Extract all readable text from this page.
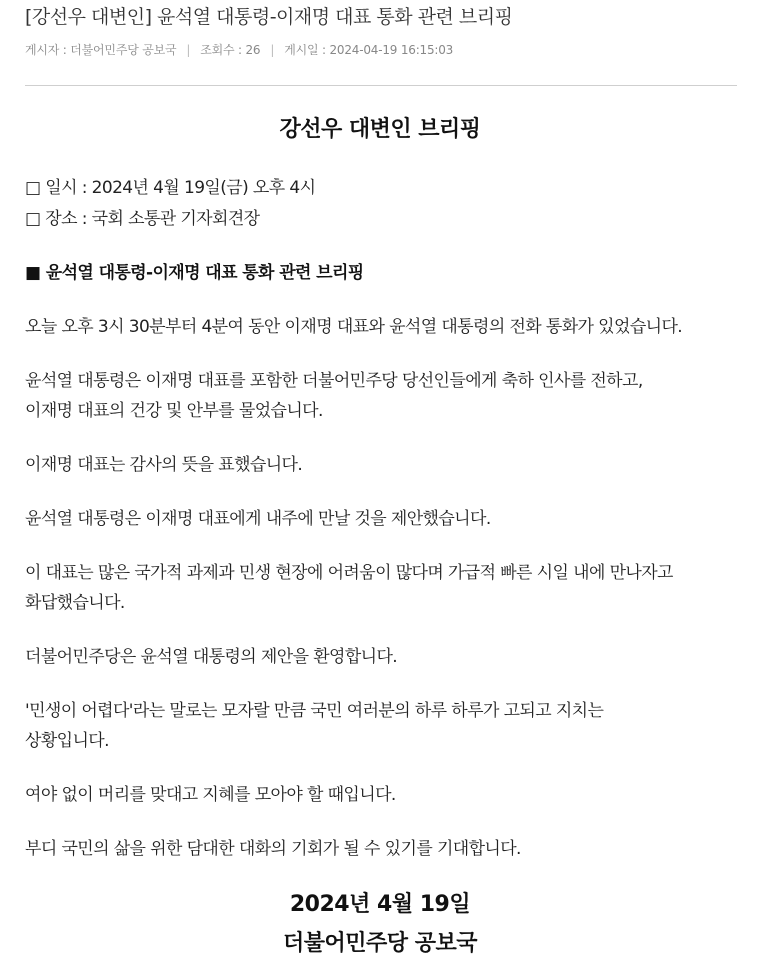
[강선우 대변인] 윤석열 대통령-이재명 대표 통화 관련 브리핑
게시자 : 더불어민주당 공보국 | 조회수 : 26 | 게시일 : 2024-04-19 16:15:03
강선우 대변인 브리핑
□ 일시 : 2024년 4월 19일(금) 오후 4시
□ 장소 : 국회 소통관 기자회견장
■ 윤석열 대통령-이재명 대표 통화 관련 브리핑
오늘 오후 3시 30분부터 4분여 동안 이재명 대표와 윤석열 대통령의 전화 통화가 있었습니다.
윤석열 대통령은 이재명 대표를 포함한 더불어민주당 당선인들에게 축하 인사를 전하고,
이재명 대표의 건강 및 안부를 물었습니다.
이재명 대표는 감사의 뜻을 표했습니다.
윤석열 대통령은 이재명 대표에게 내주에 만날 것을 제안했습니다.
이 대표는 많은 국가적 과제과 민생 현장에 어려움이 많다며 가급적 빠른 시일 내에 만나자고
화답했습니다.
더불어민주당은 윤석열 대통령의 제안을 환영합니다.
'민생이 어렵다'라는 말로는 모자랄 만큼 국민 여러분의 하루 하루가 고되고 지치는
상황입니다.
여야 없이 머리를 맞대고 지혜를 모아야 할 때입니다.
부디 국민의 삶을 위한 담대한 대화의 기회가 될 수 있기를 기대합니다.
2024년 4월 19일
더불어민주당 공보국
